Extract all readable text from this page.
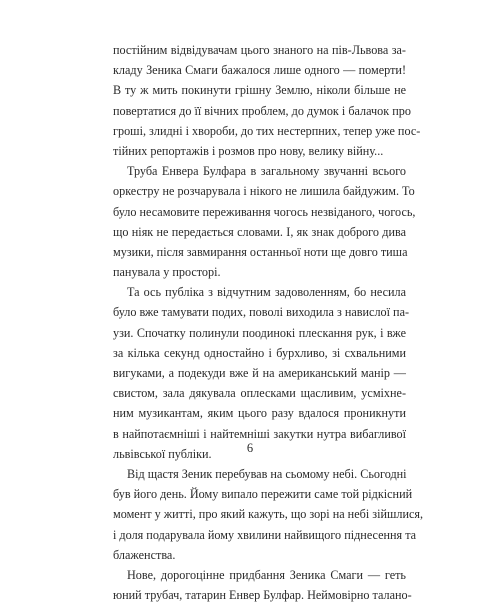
постійним відвідувачам цього знаного на пів-Львова за-
кладу Зеника Смаги бажалося лише одного — померти!
В ту ж мить покинути грішну Землю, ніколи більше не
повертатися до її вічних проблем, до думок і балачок про
гроші, злидні і хвороби, до тих нестерпних, тепер уже пос-
тійних репортажів і розмов про нову, велику війну...
Труба Енвера Булфара в загальному звучанні всього
оркестру не розчарувала і нікого не лишила байдужим. То
було несамовите переживання чогось незвіданого, чогось,
що ніяк не передається словами. І, як знак доброго дива
музики, після завмирання останньої ноти ще довго тиша
панувала у просторі.
Та ось публіка з відчутним задоволенням, бо несила
було вже тамувати подих, повoлі виходила з навислої па-
узи. Спочатку полинули поодинокі плескання рук, і вже
за кілька секунд одностайно і бурхливо, зі схвальними
вигуками, а подекуди вже й на американський манір —
свистом, зала дякувала оплесками щасливим, усміхне-
ним музикантам, яким цього разу вдалося проникнути
в найпотаємніші і найтемніші закутки нутра вибагливої
львівської публіки.
Від щастя Зеник перебував на сьомому небі. Сьогодні
був його день. Йому випало пережити саме той рідкісний
момент у житті, про який кажуть, що зорі на небі зійшлися,
і доля подарувала йому хвилини найвищого піднесення та
блаженства.
Нове, дорогоцінне придбання Зеника Смаги — геть
юний трубач, татарин Енвер Булфар. Неймовірно талано-
6
